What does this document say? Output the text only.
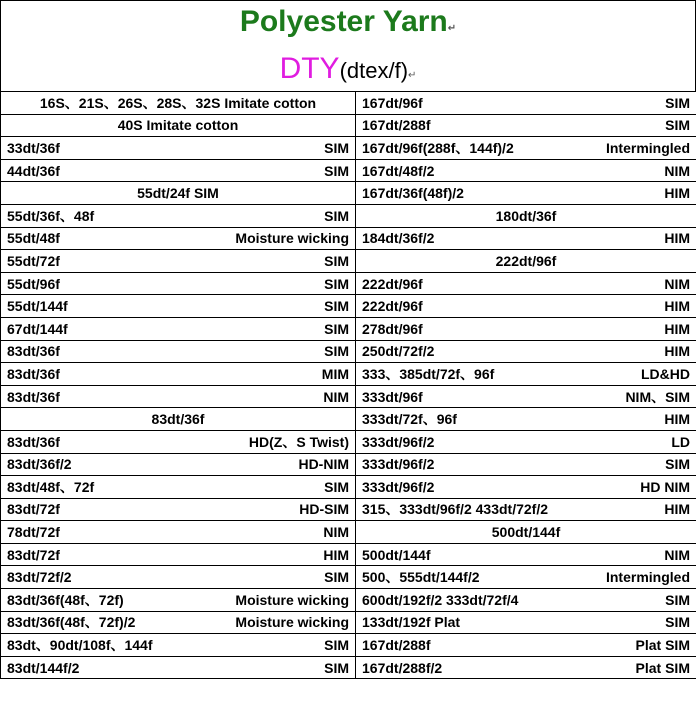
Polyester Yarn↵
DTY(dtex/f)↵
16S、21S、26S、28S、32S Imitate cotton	167dt/96f SIM

40S Imitate cotton	167dt/288f SIM

33dt/36f SIM	167dt/96f(288f、144f)/2 Intermingled

44dt/36f SIM	167dt/48f/2 NIM

55dt/24f SIM	167dt/36f(48f)/2 HIM

55dt/36f、48f SIM	180dt/36f

55dt/48f Moisture wicking	184dt/36f/2 HIM

55dt/72f SIM	222dt/96f

55dt/96f SIM	222dt/96f NIM

55dt/144f SIM	222dt/96f HIM

67dt/144f SIM	278dt/96f HIM

83dt/36f SIM	250dt/72f/2 HIM

83dt/36f MIM	333、385dt/72f、96f LD&HD

83dt/36f NIM	333dt/96f NIM、SIM

83dt/36f	333dt/72f、96f HIM

83dt/36f HD(Z、S Twist)	333dt/96f/2 LD

83dt/36f/2 HD-NIM	333dt/96f/2 SIM

83dt/48f、72f SIM	333dt/96f/2 HD NIM

83dt/72f HD-SIM	315、333dt/96f/2 433dt/72f/2 HIM

78dt/72f NIM	500dt/144f

83dt/72f HIM	500dt/144f NIM

83dt/72f/2 SIM	500、555dt/144f/2 Intermingled

83dt/36f(48f、72f) Moisture wicking	600dt/192f/2 333dt/72f/4 SIM

83dt/36f(48f、72f)/2 Moisture wicking	133dt/192f Plat SIM

83dt、90dt/108f、144f SIM	167dt/288f Plat SIM

83dt/144f/2 SIM	167dt/288f/2 Plat SIM
